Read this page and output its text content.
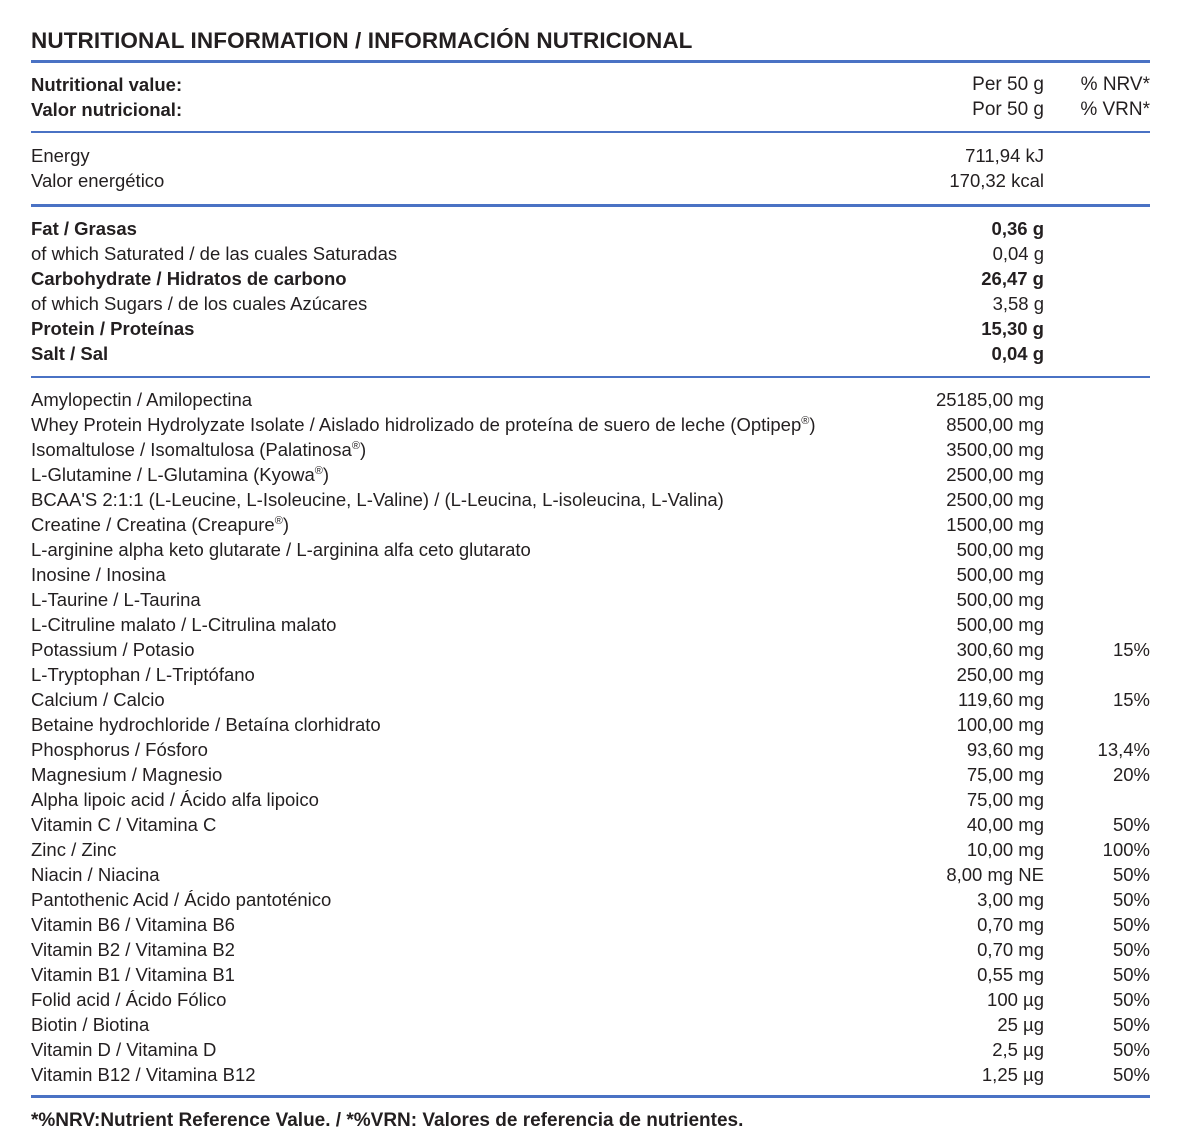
NUTRITIONAL INFORMATION / INFORMACIÓN NUTRICIONAL
Nutritional value:	Per 50 g	% NRV*
Valor nutricional:	Por 50 g	% VRN*
Energy	711,94 kJ	
Valor energético	170,32 kcal	
Fat / Grasas	0,36 g	
of which Saturated / de las cuales Saturadas	0,04 g	
Carbohydrate / Hidratos de carbono	26,47 g	
of which Sugars / de los cuales Azúcares	3,58 g	
Protein / Proteínas	15,30 g	
Salt / Sal	0,04 g	
Amylopectin / Amilopectina	25185,00 mg	
Whey Protein Hydrolyzate Isolate / Aislado hidrolizado de proteína de suero de leche (Optipep®)	8500,00 mg	
Isomaltulose / Isomaltulosa (Palatinosa®)	3500,00 mg	
L-Glutamine / L-Glutamina (Kyowa®)	2500,00 mg	
BCAA'S 2:1:1 (L-Leucine, L-Isoleucine, L-Valine) / (L-Leucina, L-isoleucina, L-Valina)	2500,00 mg	
Creatine / Creatina (Creapure®)	1500,00 mg	
L-arginine alpha keto glutarate / L-arginina alfa ceto glutarato	500,00 mg	
Inosine / Inosina	500,00 mg	
L-Taurine / L-Taurina	500,00 mg	
L-Citruline malato / L-Citrulina malato	500,00 mg	
Potassium / Potasio	300,60 mg	15%
L-Tryptophan / L-Triptófano	250,00 mg	
Calcium / Calcio	119,60 mg	15%
Betaine hydrochloride / Betaína clorhidrato	100,00 mg	
Phosphorus / Fósforo	93,60 mg	13,4%
Magnesium / Magnesio	75,00 mg	20%
Alpha lipoic acid / Ácido alfa lipoico	75,00 mg	
Vitamin C / Vitamina C	40,00 mg	50%
Zinc / Zinc	10,00 mg	100%
Niacin / Niacina	8,00 mg NE	50%
Pantothenic Acid / Ácido pantoténico	3,00 mg	50%
Vitamin B6 / Vitamina B6	0,70 mg	50%
Vitamin B2 / Vitamina B2	0,70 mg	50%
Vitamin B1 / Vitamina B1	0,55 mg	50%
Folid acid / Ácido Fólico	100 µg	50%
Biotin / Biotina	25 µg	50%
Vitamin D / Vitamina D	2,5 µg	50%
Vitamin B12 / Vitamina B12	1,25 µg	50%
*%NRV:Nutrient Reference Value. / *%VRN: Valores de referencia de nutrientes.
